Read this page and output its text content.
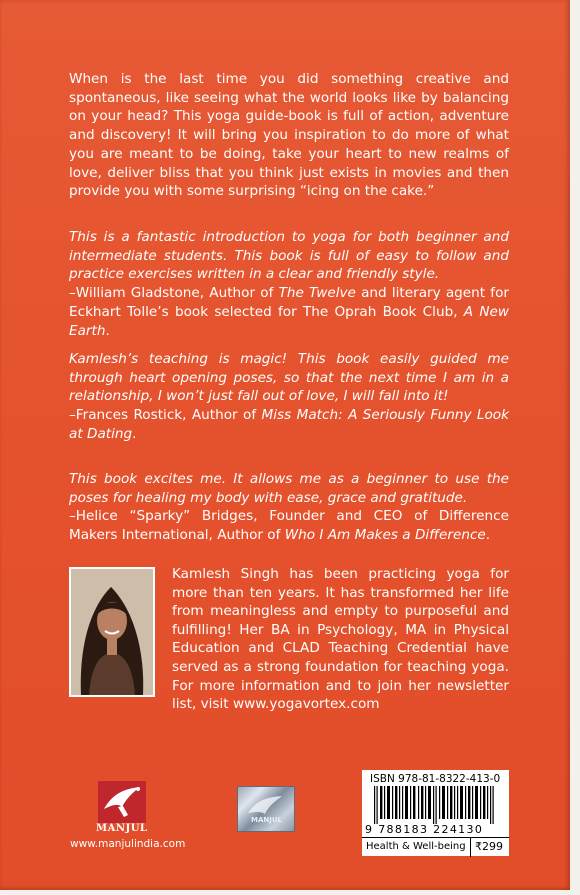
When is the last time you did something creative and spontaneous, like seeing what the world looks like by balancing on your head? This yoga guide-book is full of action, adventure and discovery! It will bring you inspiration to do more of what you are meant to be doing, take your heart to new realms of love, deliver bliss that you think just exists in movies and then provide you with some surprising “icing on the cake.”

This is a fantastic introduction to yoga for both beginner and intermediate students. This book is full of easy to follow and practice exercises written in a clear and friendly style.

–William Gladstone, Author of The Twelve and literary agent for Eckhart Tolle’s book selected for The Oprah Book Club, A New Earth.

Kamlesh’s teaching is magic! This book easily guided me through heart opening poses, so that the next time I am in a relationship, I won’t just fall out of love, I will fall into it!

–Frances Rostick, Author of Miss Match: A Seriously Funny Look at Dating.

This book excites me. It allows me as a beginner to use the poses for healing my body with ease, grace and gratitude.

–Helice “Sparky” Bridges, Founder and CEO of Difference Makers International, Author of Who I Am Makes a Difference.

Kamlesh Singh has been practicing yoga for more than ten years. It has transformed her life from meaningless and empty to purposeful and fulfilling! Her BA in Psychology, MA in Physical Education and CLAD Teaching Credential have served as a strong foundation for teaching yoga. For more information and to join her newsletter list, visit www.yogavortex.com

MANJUL
www.manjulindia.com
MANJUL
ISBN 978-81-8322-413-0
9 788183 224130
Health & Well-being ₹299
